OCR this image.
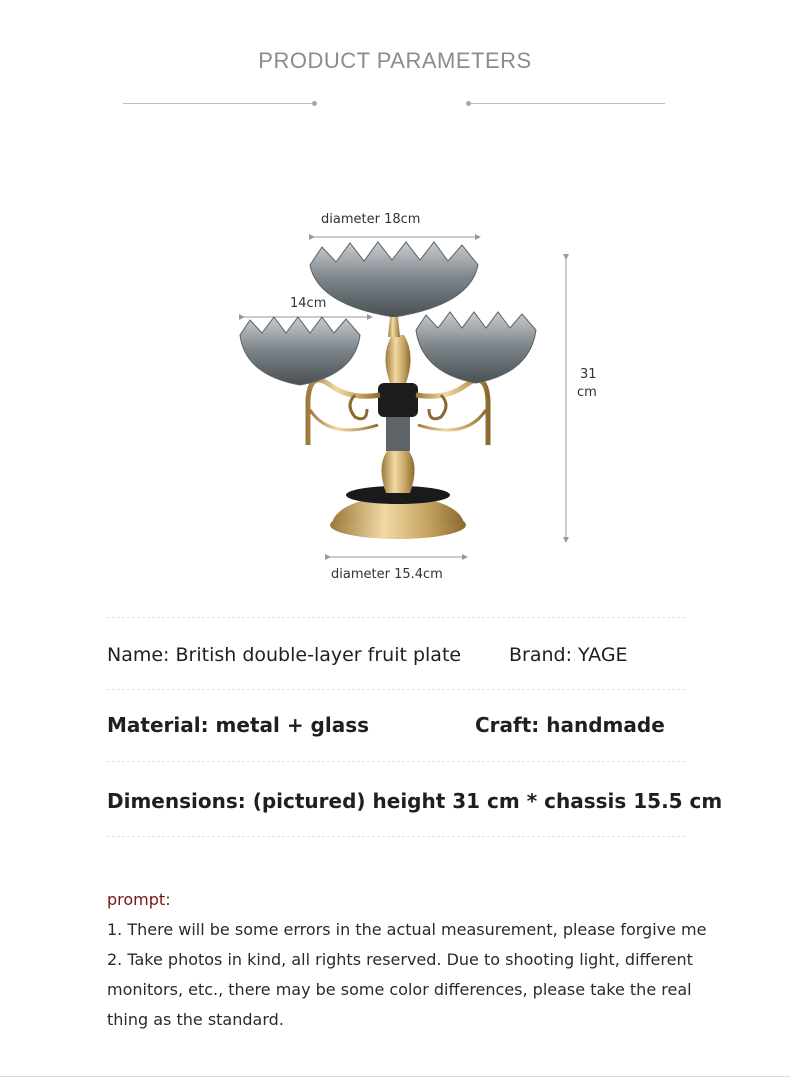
PRODUCT PARAMETERS
diameter 18cm
14cm
31
cm
diameter 15.4cm
Name: British double-layer fruit plate	Brand: YAGE
Material: metal + glass	Craft: handmade
Dimensions: (pictured) height 31 cm * chassis 15.5 cm
prompt:
1. There will be some errors in the actual measurement, please forgive me
2. Take photos in kind, all rights reserved. Due to shooting light, different
monitors, etc., there may be some color differences, please take the real
thing as the standard.
